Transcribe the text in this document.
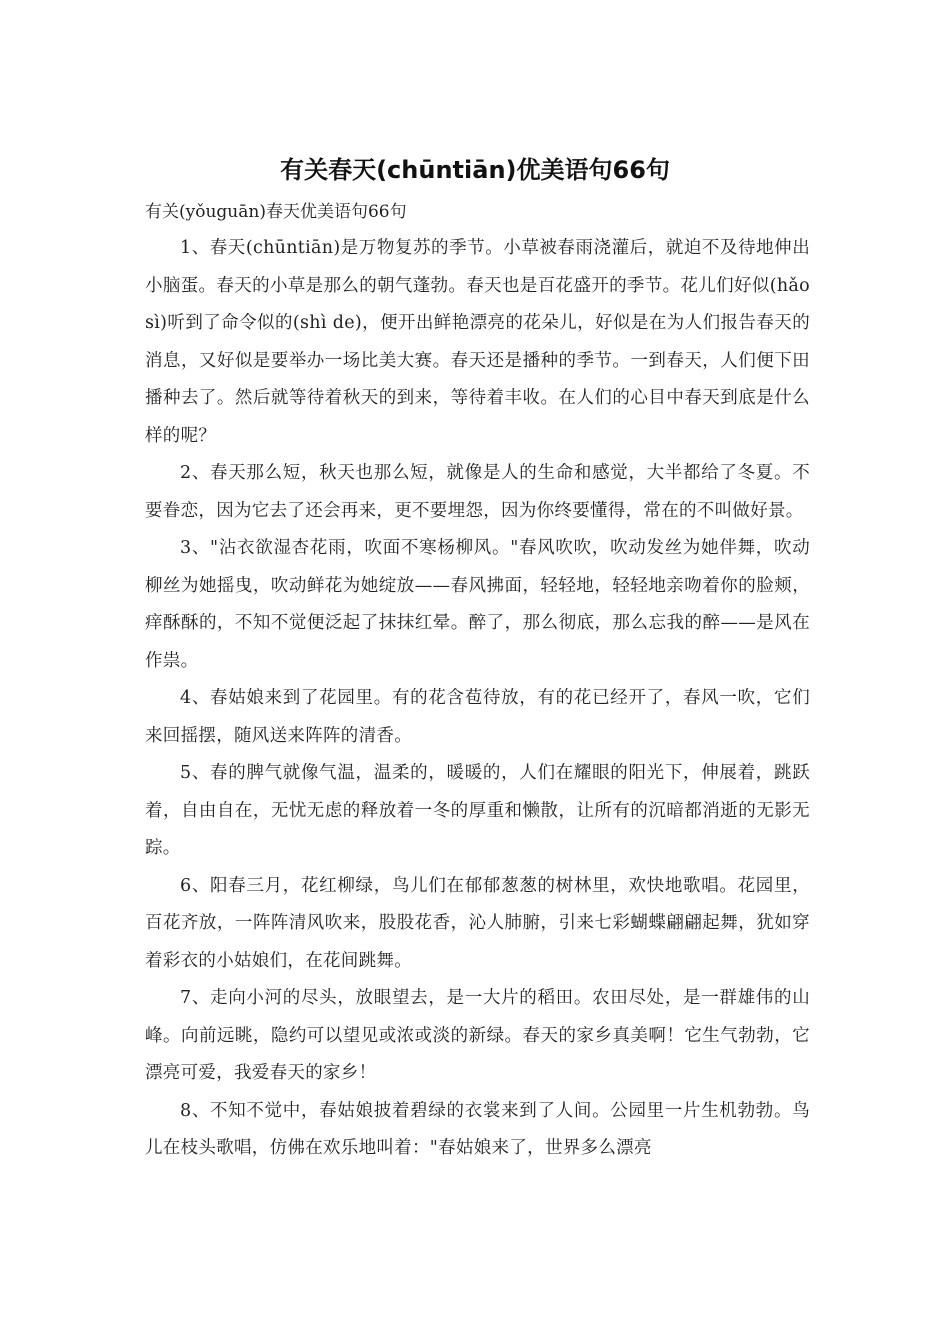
有关春天(chūntiān)优美语句66句

有关(yǒuguān)春天优美语句66句

1、春天(chūntiān)是万物复苏的季节。小草被春雨浇灌后，就迫不及待地伸出小脑蛋。春天的小草是那么的朝气蓬勃。春天也是百花盛开的季节。花儿们好似(hǎo sì)听到了命令似的(shì de)，便开出鲜艳漂亮的花朵儿，好似是在为人们报告春天的消息，又好似是要举办一场比美大赛。春天还是播种的季节。一到春天，人们便下田播种去了。然后就等待着秋天的到来，等待着丰收。在人们的心目中春天到底是什么样的呢？

2、春天那么短，秋天也那么短，就像是人的生命和感觉，大半都给了冬夏。不要眷恋，因为它去了还会再来，更不要埋怨，因为你终要懂得，常在的不叫做好景。

3、"沾衣欲湿杏花雨，吹面不寒杨柳风。"春风吹吹，吹动发丝为她伴舞，吹动柳丝为她摇曳，吹动鲜花为她绽放——春风拂面，轻轻地，轻轻地亲吻着你的脸颊，痒酥酥的，不知不觉便泛起了抹抹红晕。醉了，那么彻底，那么忘我的醉——是风在作祟。

4、春姑娘来到了花园里。有的花含苞待放，有的花已经开了，春风一吹，它们来回摇摆，随风送来阵阵的清香。

5、春的脾气就像气温，温柔的，暖暖的，人们在耀眼的阳光下，伸展着，跳跃着，自由自在，无忧无虑的释放着一冬的厚重和懒散，让所有的沉暗都消逝的无影无踪。

6、阳春三月，花红柳绿，鸟儿们在郁郁葱葱的树林里，欢快地歌唱。花园里，百花齐放，一阵阵清风吹来，股股花香，沁人肺腑，引来七彩蝴蝶翩翩起舞，犹如穿着彩衣的小姑娘们，在花间跳舞。

7、走向小河的尽头，放眼望去，是一大片的稻田。农田尽处，是一群雄伟的山峰。向前远眺，隐约可以望见或浓或淡的新绿。春天的家乡真美啊！它生气勃勃，它漂亮可爱，我爱春天的家乡！

8、不知不觉中，春姑娘披着碧绿的衣裳来到了人间。公园里一片生机勃勃。鸟儿在枝头歌唱，仿佛在欢乐地叫着："春姑娘来了，世界多么漂亮
